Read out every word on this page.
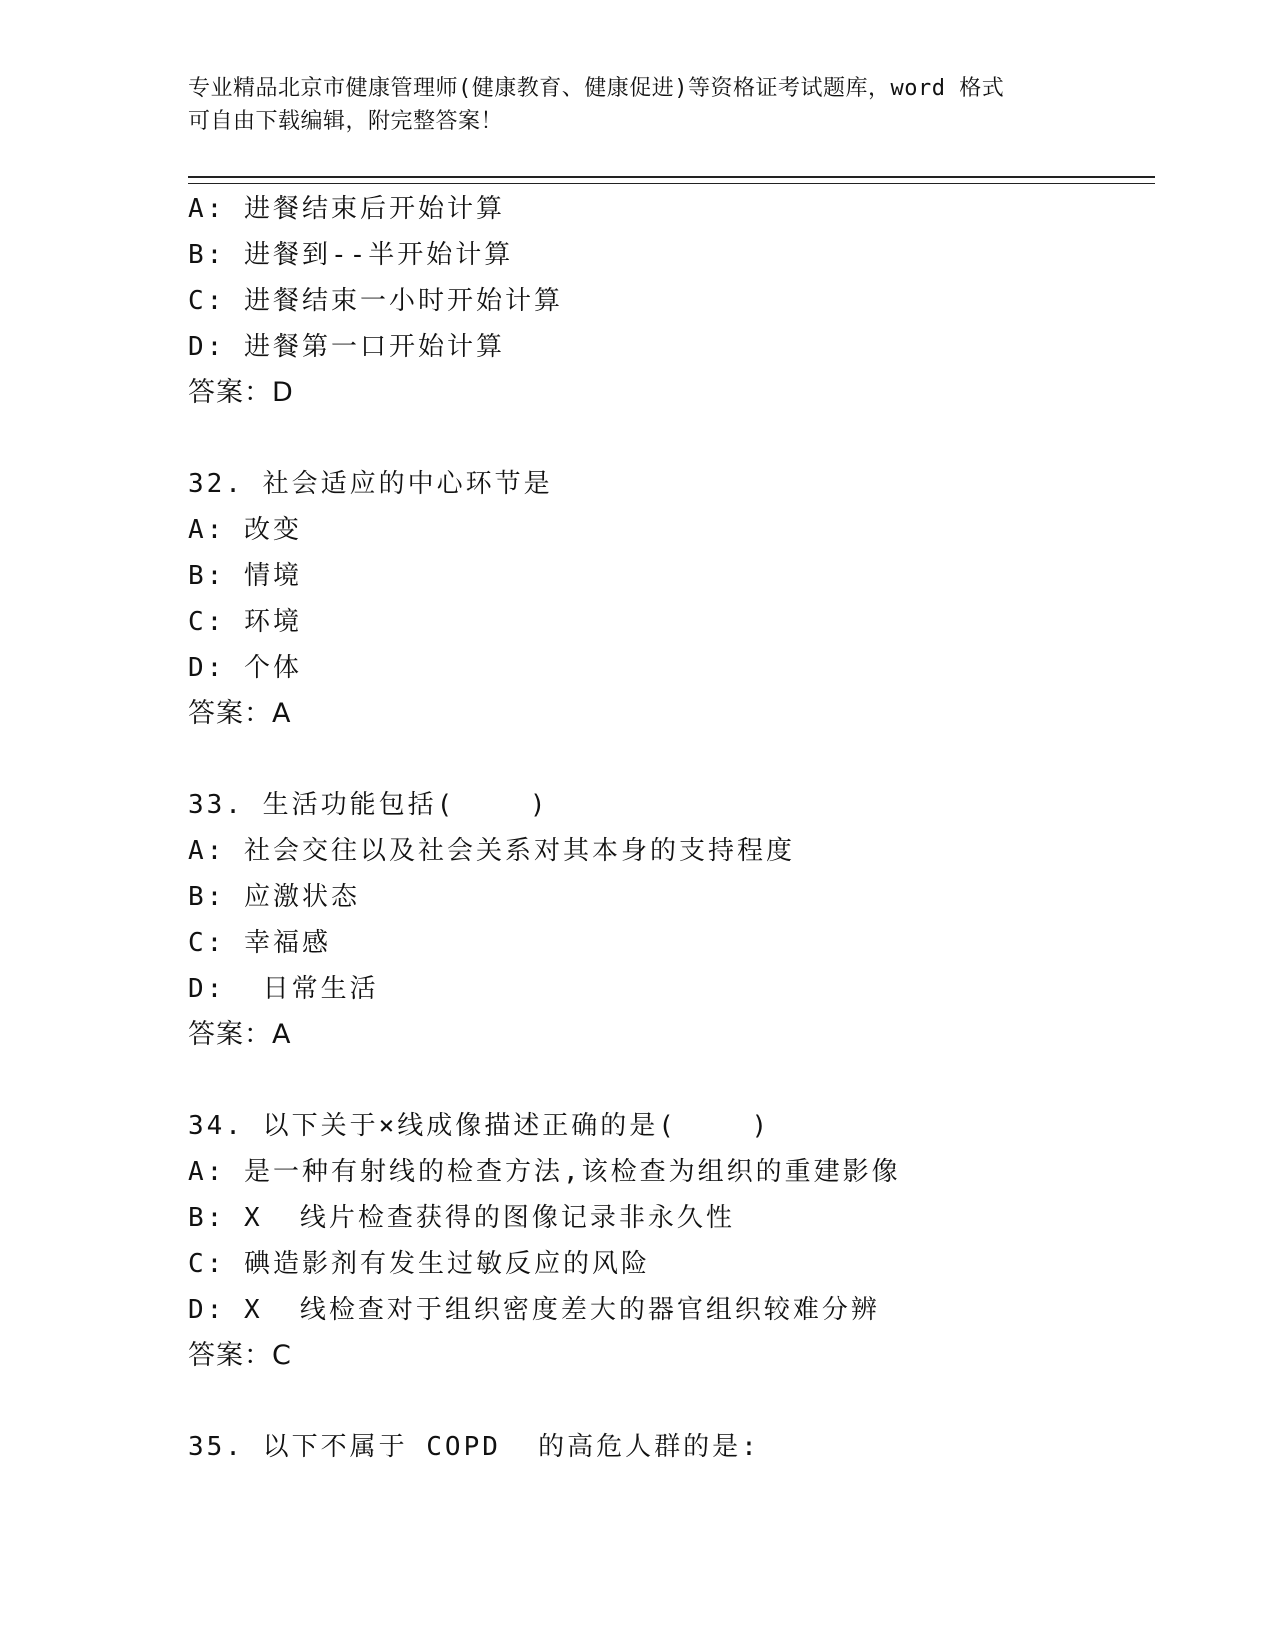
专业精品北京市健康管理师(健康教育、健康促进)等资格证考试题库，word 格式
可自由下载编辑，附完整答案！
A: 进餐结束后开始计算
B: 进餐到--半开始计算
C: 进餐结束一小时开始计算
D: 进餐第一口开始计算
答案：D
32. 社会适应的中心环节是
A: 改变
B: 情境
C: 环境
D: 个体
答案：A
33. 生活功能包括(    )
A: 社会交往以及社会关系对其本身的支持程度
B: 应激状态
C: 幸福感
D:  日常生活
答案：A
34. 以下关于×线成像描述正确的是(    )
A: 是一种有射线的检查方法,该检查为组织的重建影像
B: X  线片检查获得的图像记录非永久性
C: 碘造影剂有发生过敏反应的风险
D: X  线检查对于组织密度差大的器官组织较难分辨
答案：C
35. 以下不属于 COPD  的高危人群的是:
